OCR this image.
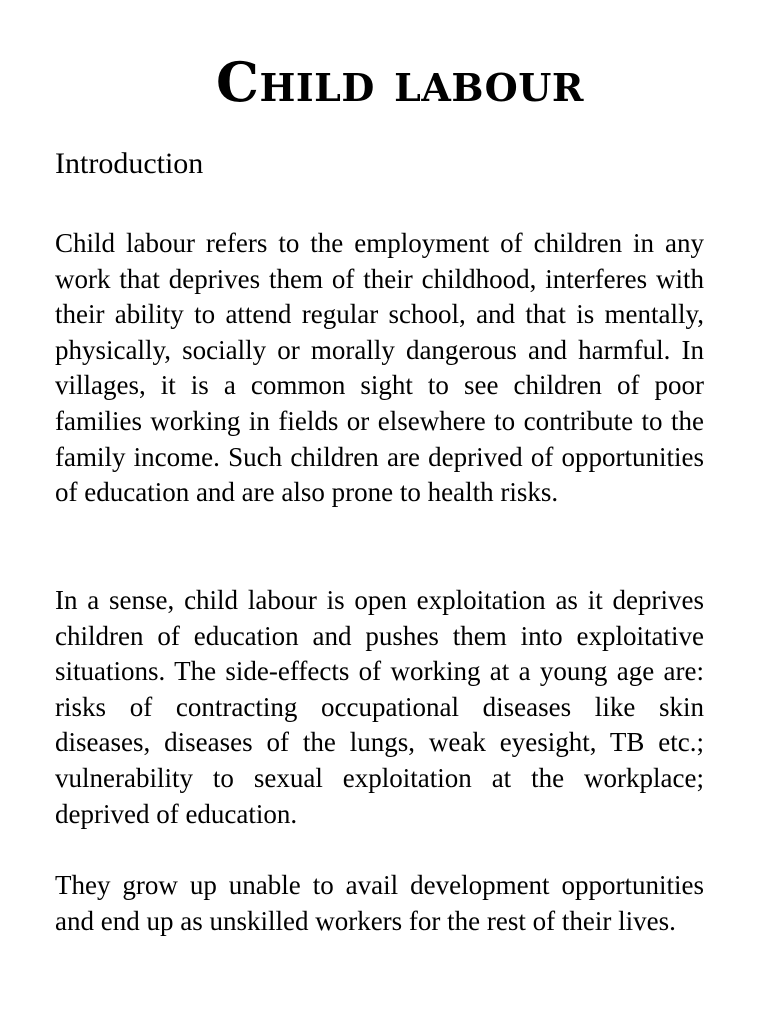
Child labour
Introduction

Child labour refers to the employment of children in any work that deprives them of their childhood, interferes with their ability to attend regular school, and that is mentally, physically, socially or morally dangerous and harmful. In villages, it is a common sight to see children of poor families working in fields or elsewhere to contribute to the family income. Such children are deprived of opportunities of education and are also prone to health risks.

In a sense, child labour is open exploitation as it deprives children of education and pushes them into exploitative situations. The side-effects of working at a young age are: risks of contracting occupational diseases like skin diseases, diseases of the lungs, weak eyesight, TB etc.; vulnerability to sexual exploitation at the workplace; deprived of education.

They grow up unable to avail development opportunities and end up as unskilled workers for the rest of their lives.
